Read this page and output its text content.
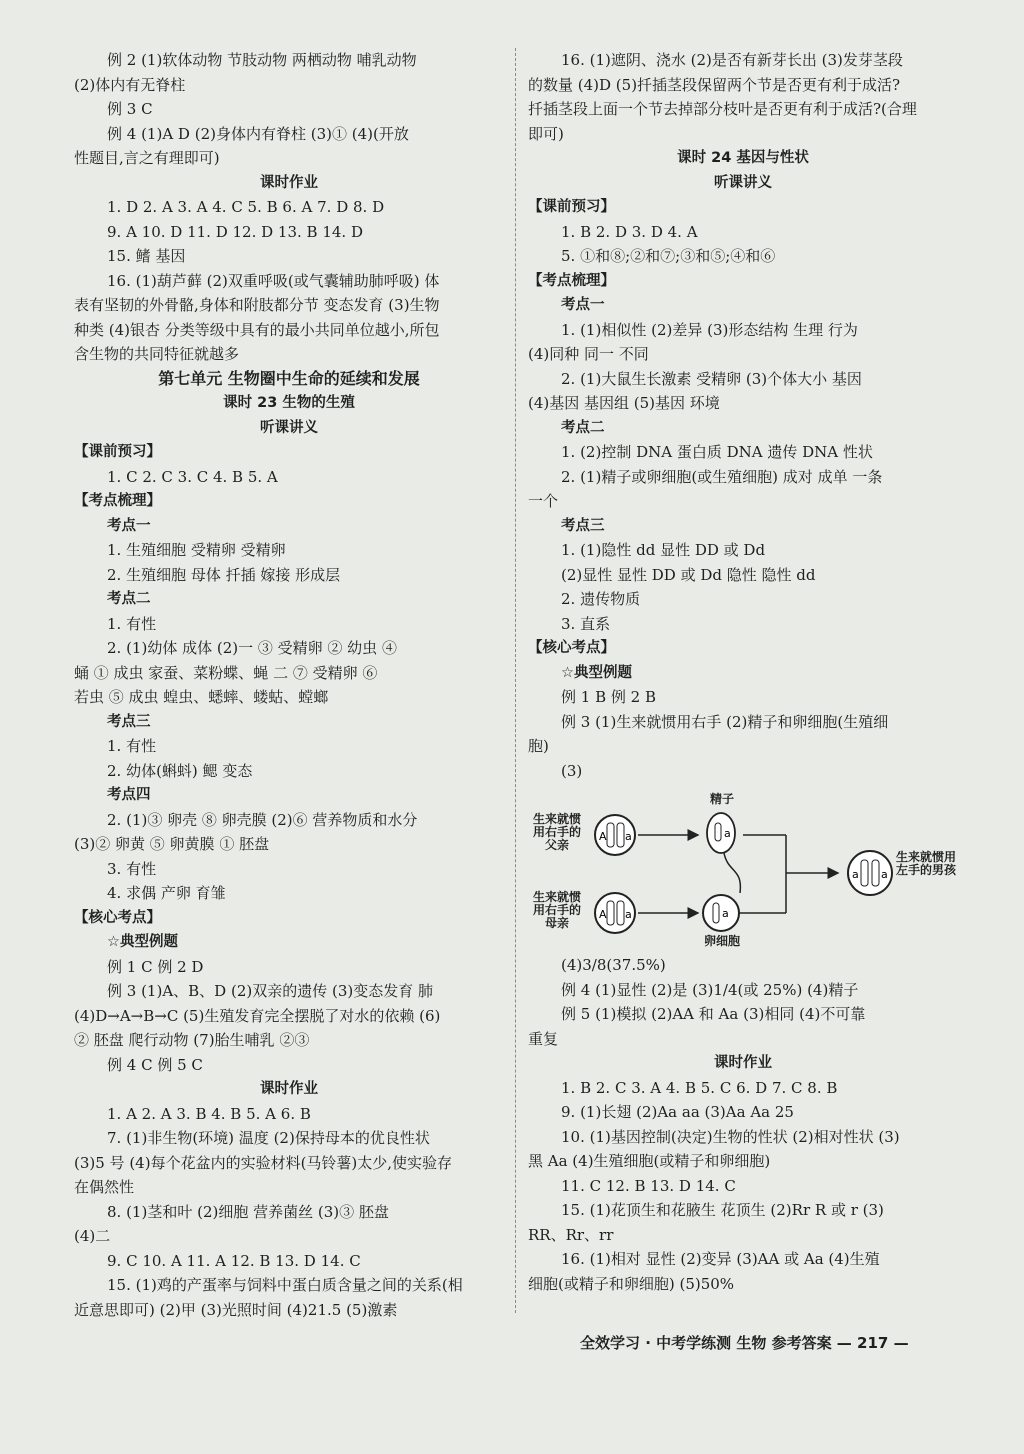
例 2 (1)软体动物 节肢动物 两栖动物 哺乳动物
(2)体内有无脊柱
例 3 C
例 4 (1)A D (2)身体内有脊柱 (3)① (4)(开放
性题目,言之有理即可)
课时作业
1. D 2. A 3. A 4. C 5. B 6. A 7. D 8. D
9. A 10. D 11. D 12. D 13. B 14. D
15. 鳍 基因
16. (1)葫芦藓 (2)双重呼吸(或气囊辅助肺呼吸) 体
表有坚韧的外骨骼,身体和附肢都分节 变态发育 (3)生物
种类 (4)银杏 分类等级中具有的最小共同单位越小,所包
含生物的共同特征就越多
第七单元 生物圈中生命的延续和发展
课时 23 生物的生殖
听课讲义
【课前预习】
1. C 2. C 3. C 4. B 5. A
【考点梳理】
考点一
1. 生殖细胞 受精卵 受精卵
2. 生殖细胞 母体 扦插 嫁接 形成层
考点二
1. 有性
2. (1)幼体 成体 (2)一 ③ 受精卵 ② 幼虫 ④
蛹 ① 成虫 家蚕、菜粉蝶、蝇 二 ⑦ 受精卵 ⑥
若虫 ⑤ 成虫 蝗虫、蟋蟀、蝼蛄、螳螂
考点三
1. 有性
2. 幼体(蝌蚪) 鳃 变态
考点四
2. (1)③ 卵壳 ⑧ 卵壳膜 (2)⑥ 营养物质和水分
(3)② 卵黄 ⑤ 卵黄膜 ① 胚盘
3. 有性
4. 求偶 产卵 育雏
【核心考点】
☆典型例题
例 1 C 例 2 D
例 3 (1)A、B、D (2)双亲的遗传 (3)变态发育 肺
(4)D→A→B→C (5)生殖发育完全摆脱了对水的依赖 (6)
② 胚盘 爬行动物 (7)胎生哺乳 ②③
例 4 C 例 5 C
课时作业
1. A 2. A 3. B 4. B 5. A 6. B
7. (1)非生物(环境) 温度 (2)保持母本的优良性状
(3)5 号 (4)每个花盆内的实验材料(马铃薯)太少,使实验存
在偶然性
8. (1)茎和叶 (2)细胞 营养菌丝 (3)③ 胚盘
(4)二
9. C 10. A 11. A 12. B 13. D 14. C
15. (1)鸡的产蛋率与饲料中蛋白质含量之间的关系(相
近意思即可) (2)甲 (3)光照时间 (4)21.5 (5)激素
16. (1)遮阴、浇水 (2)是否有新芽长出 (3)发芽茎段
的数量 (4)D (5)扦插茎段保留两个节是否更有利于成活?
扦插茎段上面一个节去掉部分枝叶是否更有利于成活?(合理
即可)
课时 24 基因与性状
听课讲义
【课前预习】
1. B 2. D 3. D 4. A
5. ①和⑧;②和⑦;③和⑤;④和⑥
【考点梳理】
考点一
1. (1)相似性 (2)差异 (3)形态结构 生理 行为
(4)同种 同一 不同
2. (1)大鼠生长激素 受精卵 (3)个体大小 基因
(4)基因 基因组 (5)基因 环境
考点二
1. (2)控制 DNA 蛋白质 DNA 遗传 DNA 性状
2. (1)精子或卵细胞(或生殖细胞) 成对 成单 一条
一个
考点三
1. (1)隐性 dd 显性 DD 或 Dd
(2)显性 显性 DD 或 Dd 隐性 隐性 dd
2. 遗传物质
3. 直系
【核心考点】
☆典型例题
例 1 B 例 2 B
例 3 (1)生来就惯用右手 (2)精子和卵细胞(生殖细
胞)
(3)
A a
A a
a
a
a a
生来就惯用右手的父亲
生来就惯用右手的母亲
生来就惯用左手的男孩
精子
卵细胞
(4)3/8(37.5%)
例 4 (1)显性 (2)是 (3)1/4(或 25%) (4)精子
例 5 (1)模拟 (2)AA 和 Aa (3)相同 (4)不可靠
重复
课时作业
1. B 2. C 3. A 4. B 5. C 6. D 7. C 8. B
9. (1)长翅 (2)Aa aa (3)Aa Aa 25
10. (1)基因控制(决定)生物的性状 (2)相对性状 (3)
黑 Aa (4)生殖细胞(或精子和卵细胞)
11. C 12. B 13. D 14. C
15. (1)花顶生和花腋生 花顶生 (2)Rr R 或 r (3)
RR、Rr、rr
16. (1)相对 显性 (2)变异 (3)AA 或 Aa (4)生殖
细胞(或精子和卵细胞) (5)50%
全效学习 · 中考学练测 生物 参考答案 — 217 —
